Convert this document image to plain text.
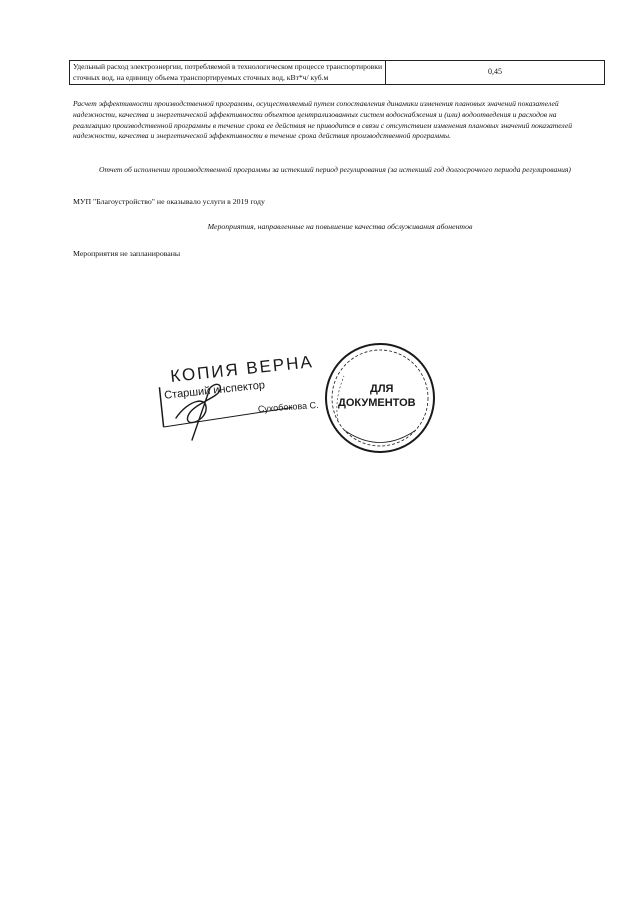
Удельный расход электроэнергии, потребляемой в технологическом процессе транспортировки сточных вод, на единицу объема транспортируемых сточных вод, кВт*ч/ куб.м	0,45
Расчет эффективности производственной программы, осуществляемый путем сопоставления динамики изменения плановых значений показателей надежности, качества и энергетической эффективности объектов централизованных систем водоснабжения и (или) водоотведения и расходов на реализацию производственной программы в течение срока ее действия не приводится в связи с отсутствием изменения плановых значений показателей надежности, качества и энергетической эффективности в течение срока действия производственной программы.
Отчет об исполнении производственной программы за истекший период регулирования (за истекший год долгосрочного периода регулирования)
МУП "Благоустройство" не оказывало услуги в 2019 году
Мероприятия, направленные на повышение качества обслуживания абонентов
Мероприятия не запланированы
КОПИЯ ВЕРНА
Старший инспектор
Сухобокова С.
ДЛЯ
ДОКУМЕНТОВ
